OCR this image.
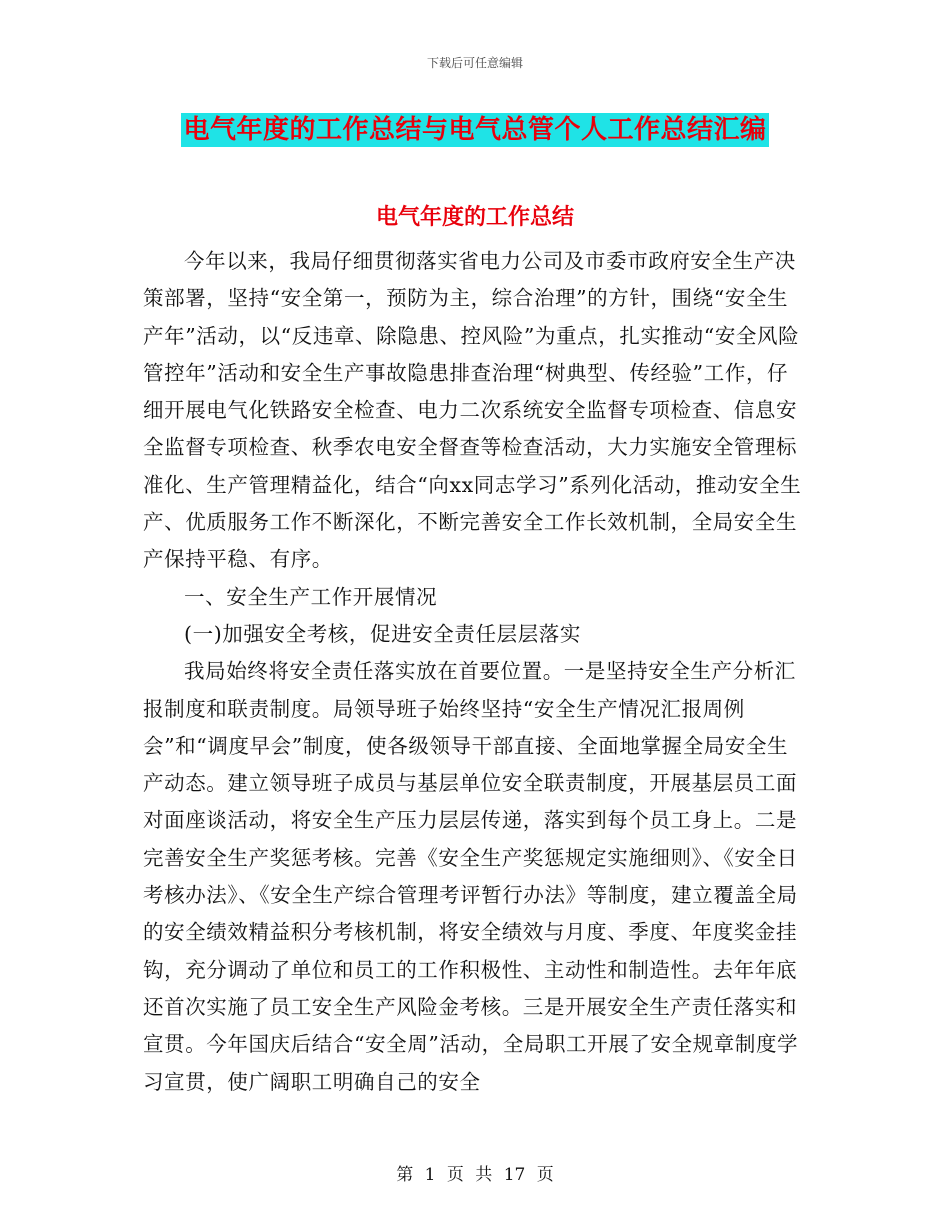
下载后可任意编辑
电气年度的工作总结与电气总管个人工作总结汇编
电气年度的工作总结

今年以来，我局仔细贯彻落实省电力公司及市委市政府安全生产决策部署，坚持“安全第一，预防为主，综合治理”的方针，围绕“安全生产年”活动，以“反违章、除隐患、控风险”为重点，扎实推动“安全风险管控年”活动和安全生产事故隐患排查治理“树典型、传经验”工作，仔细开展电气化铁路安全检查、电力二次系统安全监督专项检查、信息安全监督专项检查、秋季农电安全督查等检查活动，大力实施安全管理标准化、生产管理精益化，结合“向xx同志学习”系列化活动，推动安全生产、优质服务工作不断深化，不断完善安全工作长效机制，全局安全生产保持平稳、有序。

一、安全生产工作开展情况

(一)加强安全考核，促进安全责任层层落实

我局始终将安全责任落实放在首要位置。一是坚持安全生产分析汇报制度和联责制度。局领导班子始终坚持“安全生产情况汇报周例会”和“调度早会”制度，使各级领导干部直接、全面地掌握全局安全生产动态。建立领导班子成员与基层单位安全联责制度，开展基层员工面对面座谈活动，将安全生产压力层层传递，落实到每个员工身上。二是完善安全生产奖惩考核。完善《安全生产奖惩规定实施细则》、《安全日考核办法》、《安全生产综合管理考评暂行办法》等制度，建立覆盖全局的安全绩效精益积分考核机制，将安全绩效与月度、季度、年度奖金挂钩，充分调动了单位和员工的工作积极性、主动性和制造性。去年年底还首次实施了员工安全生产风险金考核。三是开展安全生产责任落实和宣贯。今年国庆后结合“安全周”活动，全局职工开展了安全规章制度学习宣贯，使广阔职工明确自己的安全

第 1 页 共 17 页
